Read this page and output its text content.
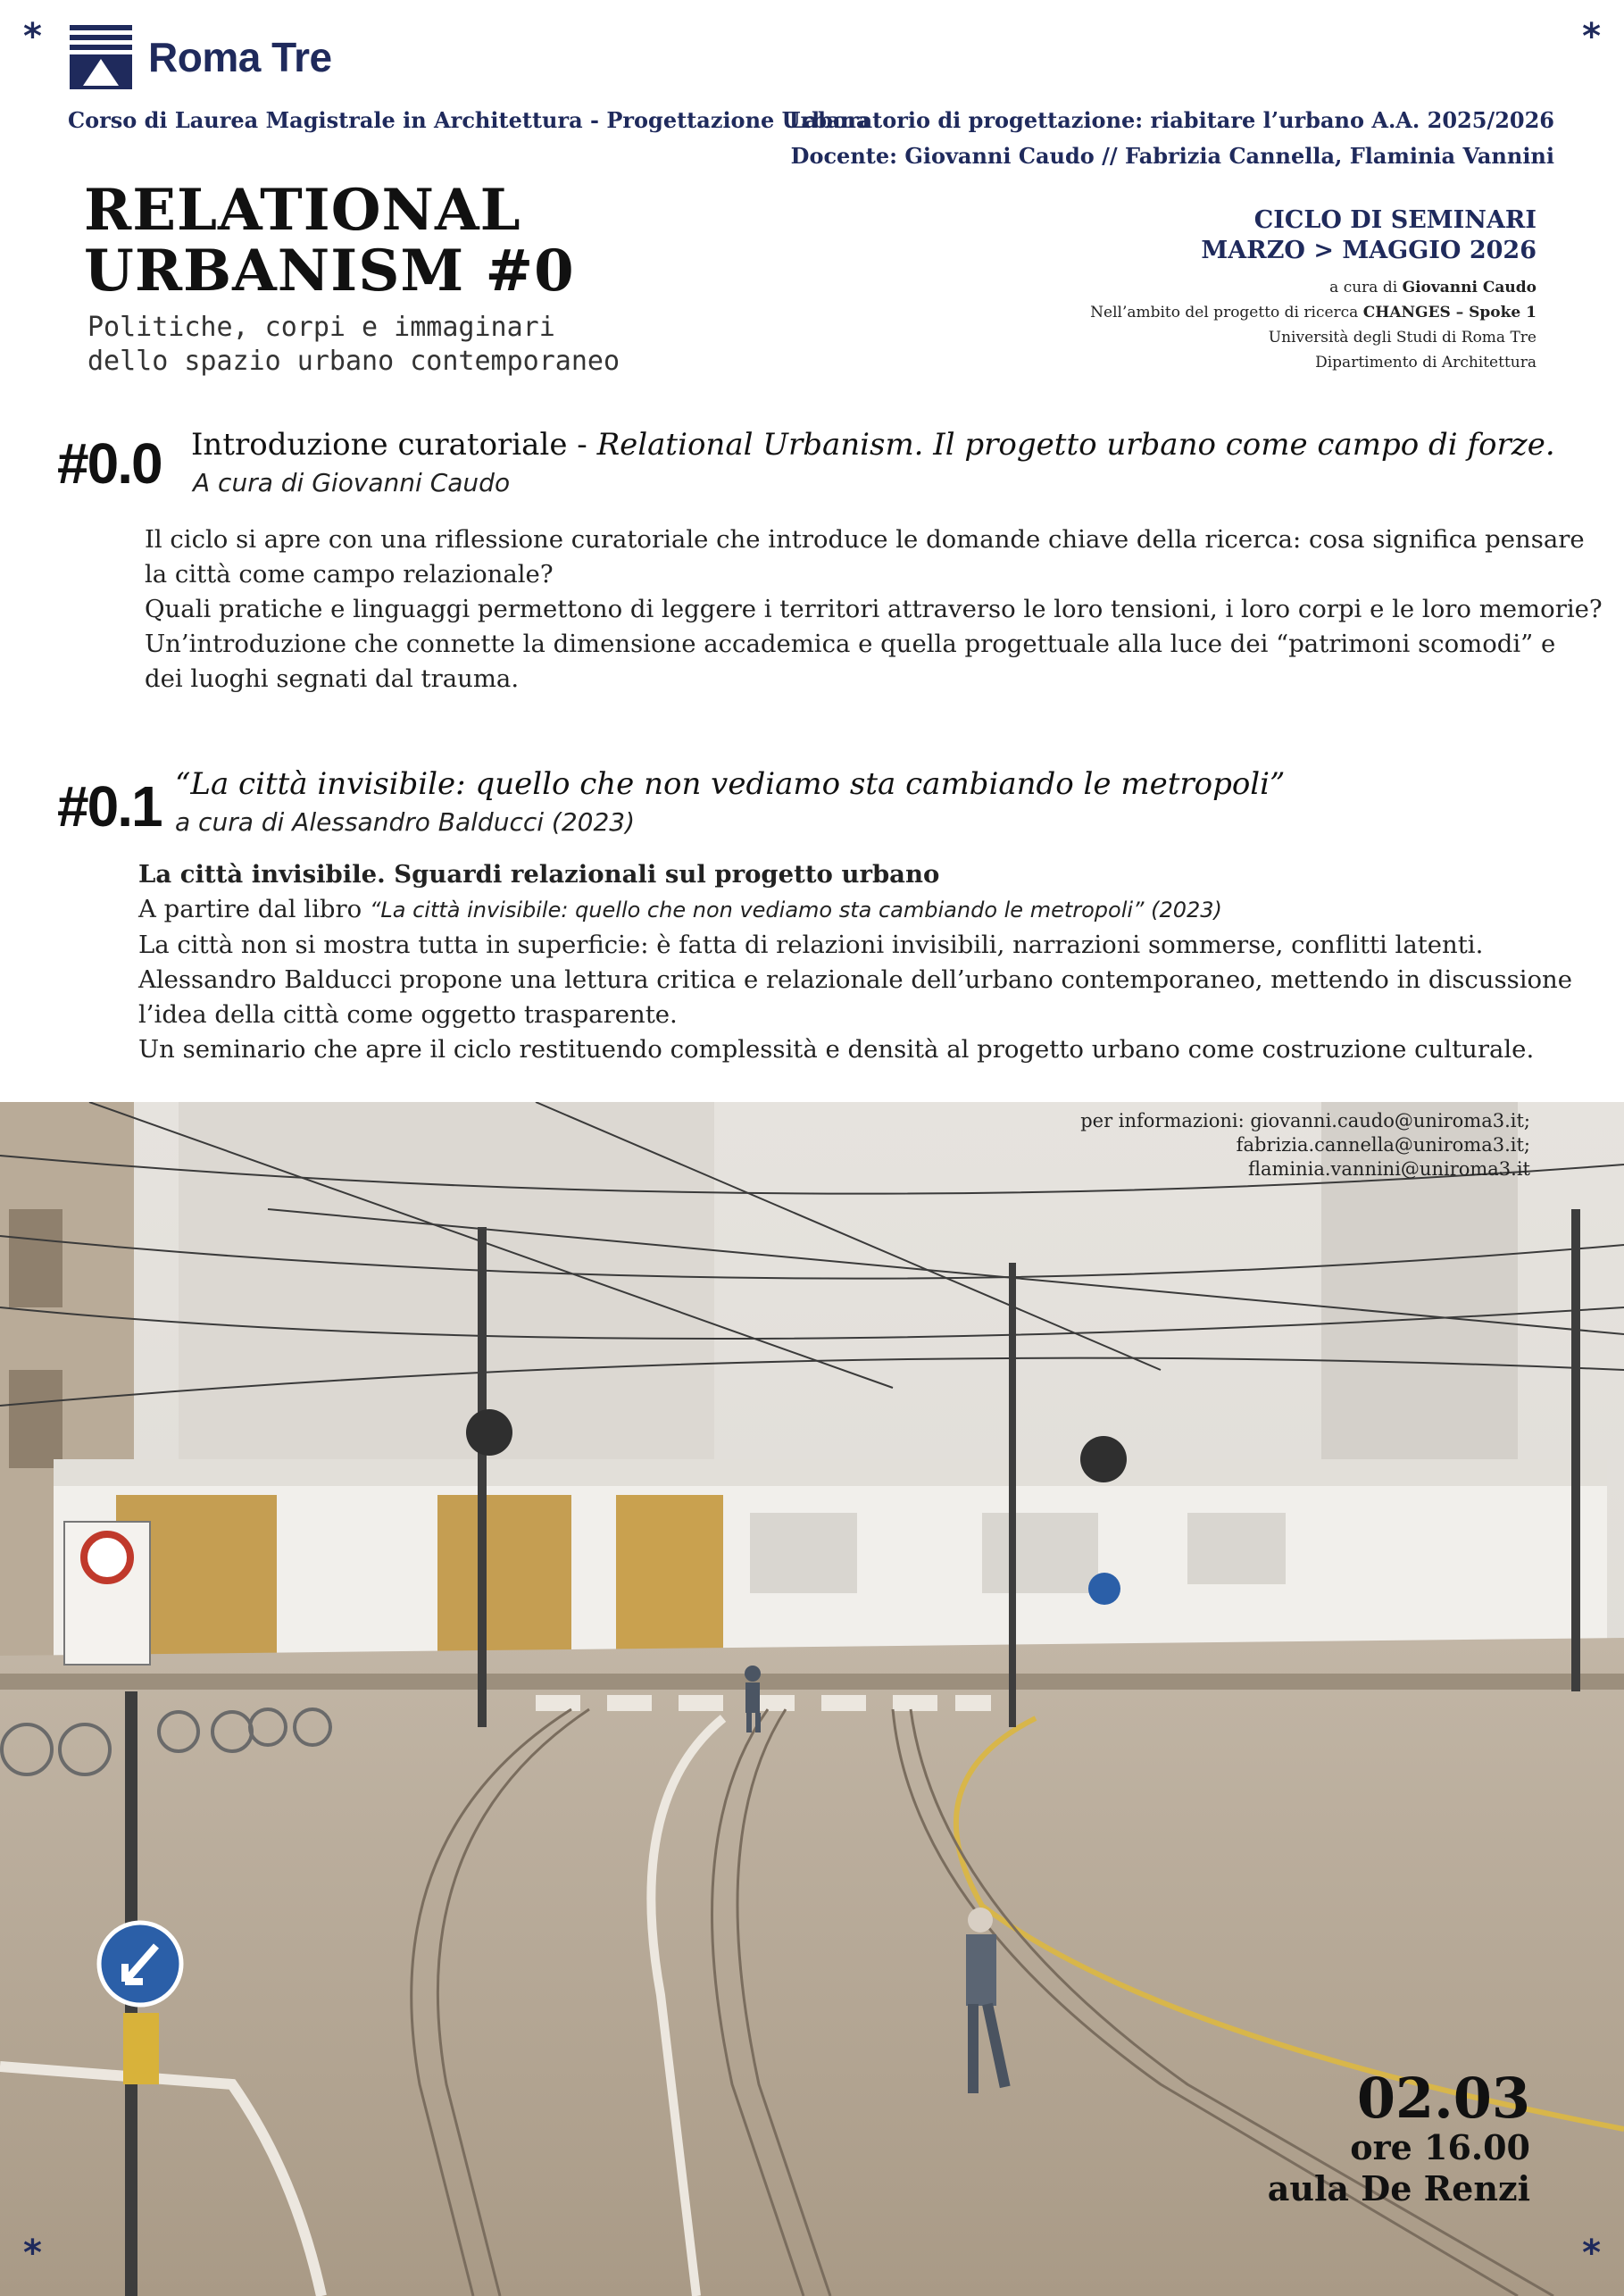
*	*
*	*
Roma Tre
Corso di Laurea Magistrale in Architettura - Progettazione Urbana
Laboratorio di progettazione: riabitare l’urbano A.A. 2025/2026
Docente: Giovanni Caudo // Fabrizia Cannella, Flaminia Vannini
RELATIONAL
URBANISM #0
Politiche, corpi e immaginari
dello spazio urbano contemporaneo
CICLO DI SEMINARI
MARZO > MAGGIO 2026
a cura di Giovanni Caudo
Nell’ambito del progetto di ricerca CHANGES – Spoke 1
Università degli Studi di Roma Tre
Dipartimento di Architettura
#0.0 Introduzione curatoriale - Relational Urbanism. Il progetto urbano come campo di forze.
A cura di Giovanni Caudo
Il ciclo si apre con una riflessione curatoriale che introduce le domande chiave della ricerca: cosa significa pensare
la città come campo relazionale?
Quali pratiche e linguaggi permettono di leggere i territori attraverso le loro tensioni, i loro corpi e le loro memorie?
Un’introduzione che connette la dimensione accademica e quella progettuale alla luce dei “patrimoni scomodi” e
dei luoghi segnati dal trauma.
#0.1 “La città invisibile: quello che non vediamo sta cambiando le metropoli”
a cura di Alessandro Balducci (2023)
La città invisibile. Sguardi relazionali sul progetto urbano
A partire dal libro “La città invisibile: quello che non vediamo sta cambiando le metropoli” (2023)
La città non si mostra tutta in superficie: è fatta di relazioni invisibili, narrazioni sommerse, conflitti latenti.
Alessandro Balducci propone una lettura critica e relazionale dell’urbano contemporaneo, mettendo in discussione
l’idea della città come oggetto trasparente.
Un seminario che apre il ciclo restituendo complessità e densità al progetto urbano come costruzione culturale.
per informazioni: giovanni.caudo@uniroma3.it;
fabrizia.cannella@uniroma3.it;
flaminia.vannini@uniroma3.it
02.03
ore 16.00
aula De Renzi
